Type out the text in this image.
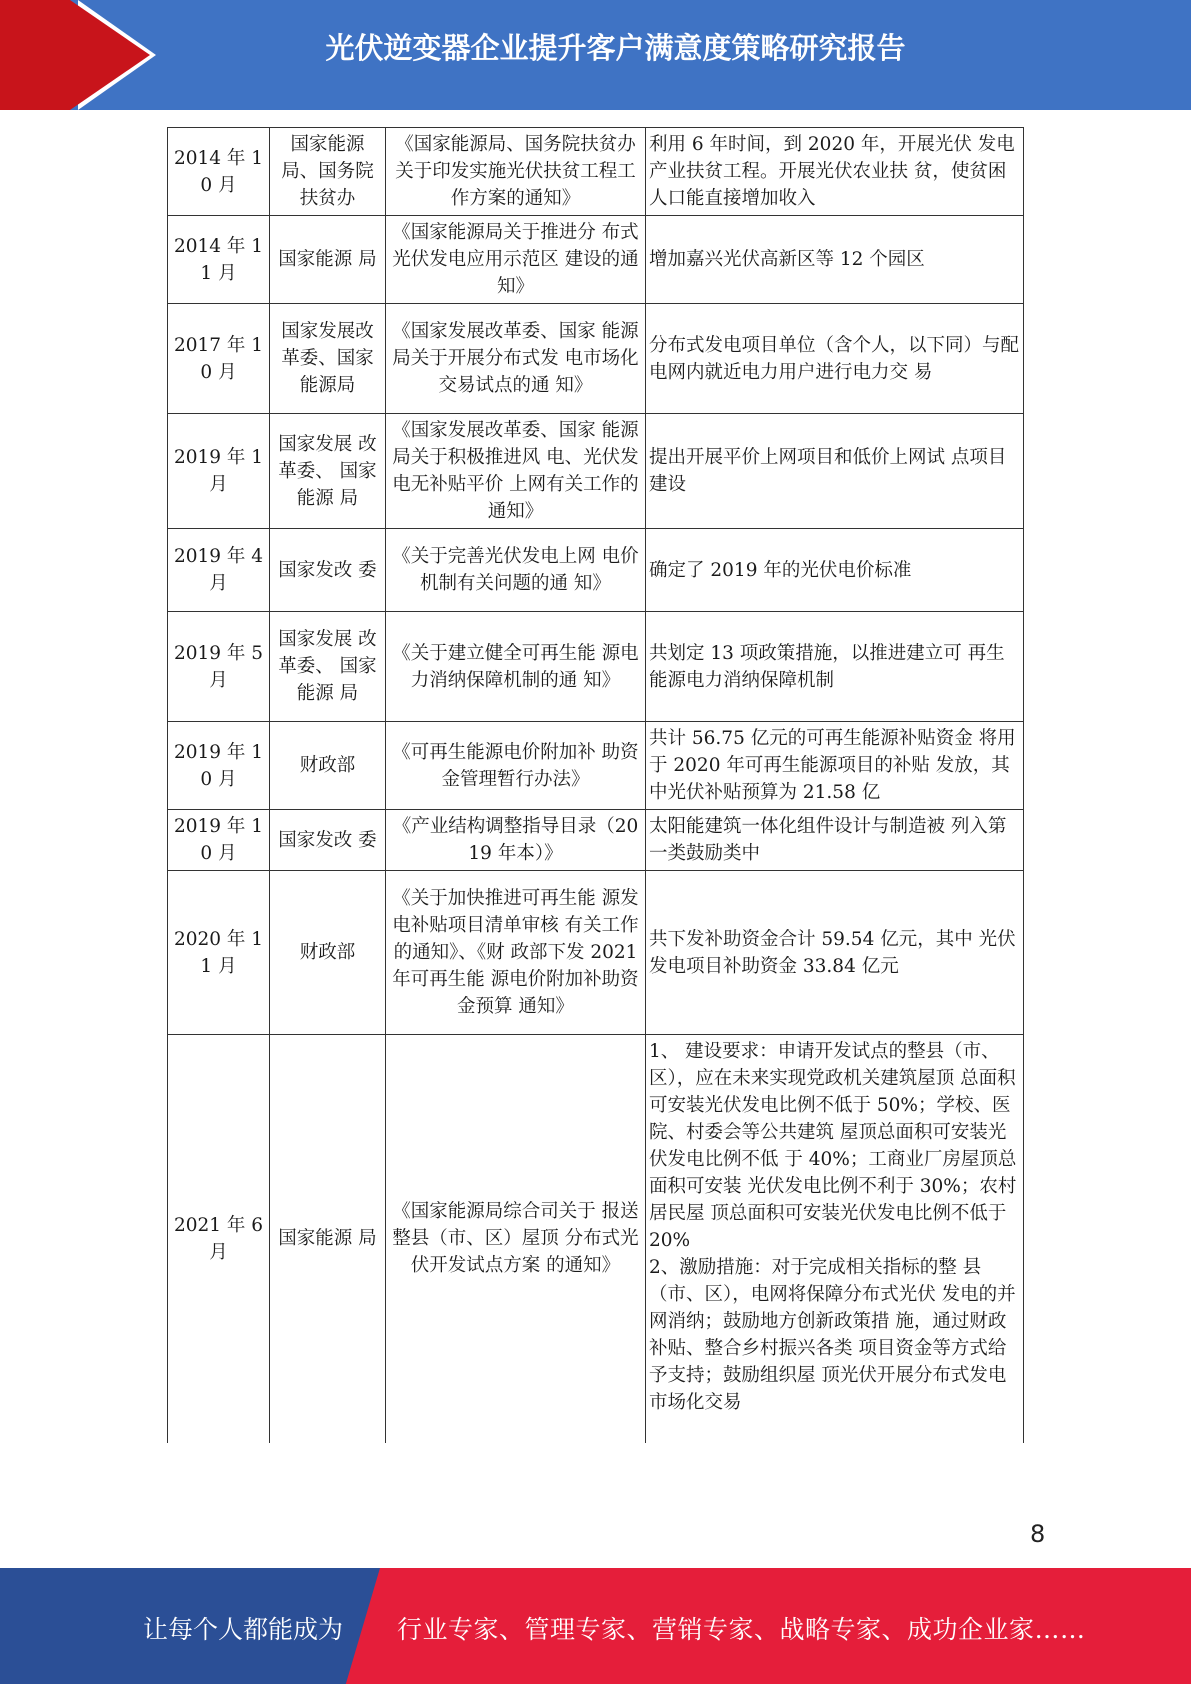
光伏逆变器企业提升客户满意度策略研究报告
2014 年 10 月	国家能源局、国务院扶贫办	《国家能源局、国务院扶贫办关于印发实施光伏扶贫工程工作方案的通知》	利用 6 年时间，到 2020 年，开展光伏 发电产业扶贫工程。开展光伏农业扶 贫，使贫困人口能直接增加收入
2014 年 11 月	国家能源 局	《国家能源局关于推进分 布式光伏发电应用示范区 建设的通知》	增加嘉兴光伏高新区等 12 个园区
2017 年 10 月	国家发展改革委、国家能源局	《国家发展改革委、国家 能源局关于开展分布式发 电市场化交易试点的通 知》	分布式发电项目单位（含个人，以下同）与配电网内就近电力用户进行电力交 易
2019 年 1 月	国家发展 改革委、 国家能源 局	《国家发展改革委、国家 能源局关于积极推进风 电、光伏发电无补贴平价 上网有关工作的通知》	提出开展平价上网项目和低价上网试 点项目建设
2019 年 4 月	国家发改 委	《关于完善光伏发电上网 电价机制有关问题的通 知》	确定了 2019 年的光伏电价标准
2019 年 5 月	国家发展 改革委、 国家能源 局	《关于建立健全可再生能 源电力消纳保障机制的通 知》	共划定 13 项政策措施，以推进建立可 再生能源电力消纳保障机制
2019 年 10 月	财政部	《可再生能源电价附加补 助资金管理暂行办法》	共计 56.75 亿元的可再生能源补贴资金 将用于 2020 年可再生能源项目的补贴 发放，其中光伏补贴预算为 21.58 亿
2019 年 10 月	国家发改 委	《产业结构调整指导目录（2019 年本）》	太阳能建筑一体化组件设计与制造被 列入第一类鼓励类中
2020 年 11 月	财政部	《关于加快推进可再生能 源发电补贴项目清单审核 有关工作的通知》、《财 政部下发 2021 年可再生能 源电价附加补助资金预算 通知》	共下发补助资金合计 59.54 亿元，其中 光伏发电项目补助资金 33.84 亿元
2021 年 6 月	国家能源 局	《国家能源局综合司关于 报送整县（市、区）屋顶 分布式光伏开发试点方案 的通知》	1、 建设要求：申请开发试点的整县（市、 区），应在未来实现党政机关建筑屋顶 总面积可安装光伏发电比例不低于 50%；学校、医院、村委会等公共建筑 屋顶总面积可安装光伏发电比例不低 于 40%；工商业厂房屋顶总面积可安装 光伏发电比例不利于 30%；农村居民屋 顶总面积可安装光伏发电比例不低于 20%
2、激励措施：对于完成相关指标的整 县（市、区），电网将保障分布式光伏 发电的并网消纳；鼓励地方创新政策措 施，通过财政补贴、整合乡村振兴各类 项目资金等方式给予支持；鼓励组织屋 顶光伏开展分布式发电市场化交易
8
让每个人都能成为 行业专家、管理专家、营销专家、战略专家、成功企业家……
